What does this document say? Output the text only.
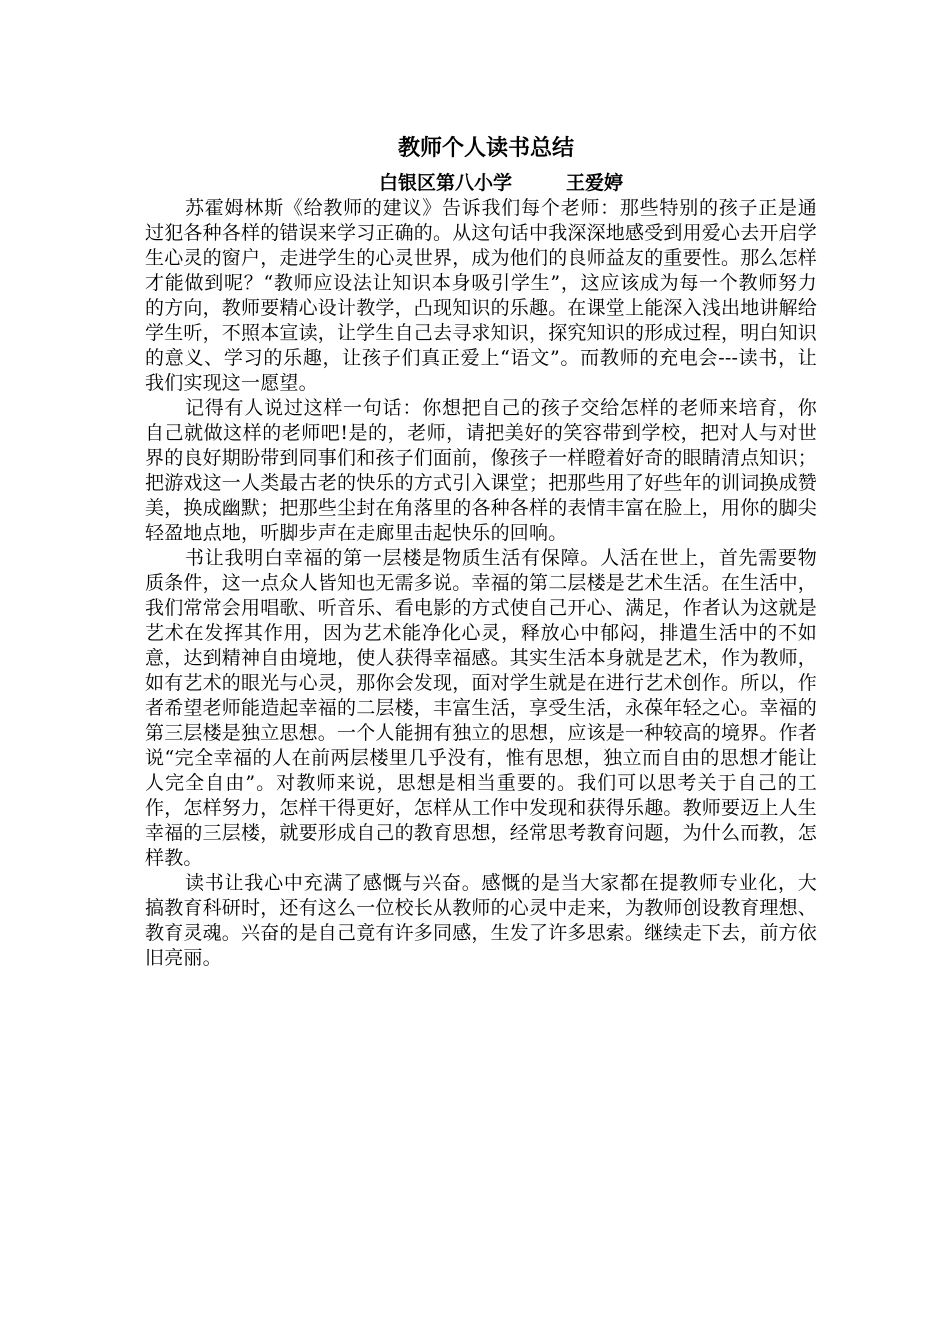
教师个人读书总结

白银区第八小学	王爱婷

苏霍姆林斯《给教师的建议》告诉我们每个老师：那些特别的孩子正是通过犯各种各样的错误来学习正确的。从这句话中我深深地感受到用爱心去开启学生心灵的窗户，走进学生的心灵世界，成为他们的良师益友的重要性。那么怎样才能做到呢？“教师应设法让知识本身吸引学生”，这应该成为每一个教师努力的方向，教师要精心设计教学，凸现知识的乐趣。在课堂上能深入浅出地讲解给学生听，不照本宣读，让学生自己去寻求知识，探究知识的形成过程，明白知识的意义、学习的乐趣，让孩子们真正爱上“语文”。而教师的充电会---读书，让我们实现这一愿望。

记得有人说过这样一句话：你想把自己的孩子交给怎样的老师来培育，你自己就做这样的老师吧!是的，老师，请把美好的笑容带到学校，把对人与对世界的良好期盼带到同事们和孩子们面前，像孩子一样瞪着好奇的眼睛清点知识；把游戏这一人类最古老的快乐的方式引入课堂；把那些用了好些年的训词换成赞美，换成幽默；把那些尘封在角落里的各种各样的表情丰富在脸上，用你的脚尖轻盈地点地，听脚步声在走廊里击起快乐的回响。

书让我明白幸福的第一层楼是物质生活有保障。人活在世上，首先需要物质条件，这一点众人皆知也无需多说。幸福的第二层楼是艺术生活。在生活中，我们常常会用唱歌、听音乐、看电影的方式使自己开心、满足，作者认为这就是艺术在发挥其作用，因为艺术能净化心灵，释放心中郁闷，排遣生活中的不如意，达到精神自由境地，使人获得幸福感。其实生活本身就是艺术，作为教师，如有艺术的眼光与心灵，那你会发现，面对学生就是在进行艺术创作。所以，作者希望老师能造起幸福的二层楼，丰富生活，享受生活，永葆年轻之心。幸福的第三层楼是独立思想。一个人能拥有独立的思想，应该是一种较高的境界。作者说“完全幸福的人在前两层楼里几乎没有，惟有思想，独立而自由的思想才能让人完全自由”。对教师来说，思想是相当重要的。我们可以思考关于自己的工作，怎样努力，怎样干得更好，怎样从工作中发现和获得乐趣。教师要迈上人生幸福的三层楼，就要形成自己的教育思想，经常思考教育问题，为什么而教，怎样教。

读书让我心中充满了感慨与兴奋。感慨的是当大家都在提教师专业化，大搞教育科研时，还有这么一位校长从教师的心灵中走来，为教师创设教育理想、教育灵魂。兴奋的是自己竟有许多同感，生发了许多思索。继续走下去，前方依旧亮丽。
